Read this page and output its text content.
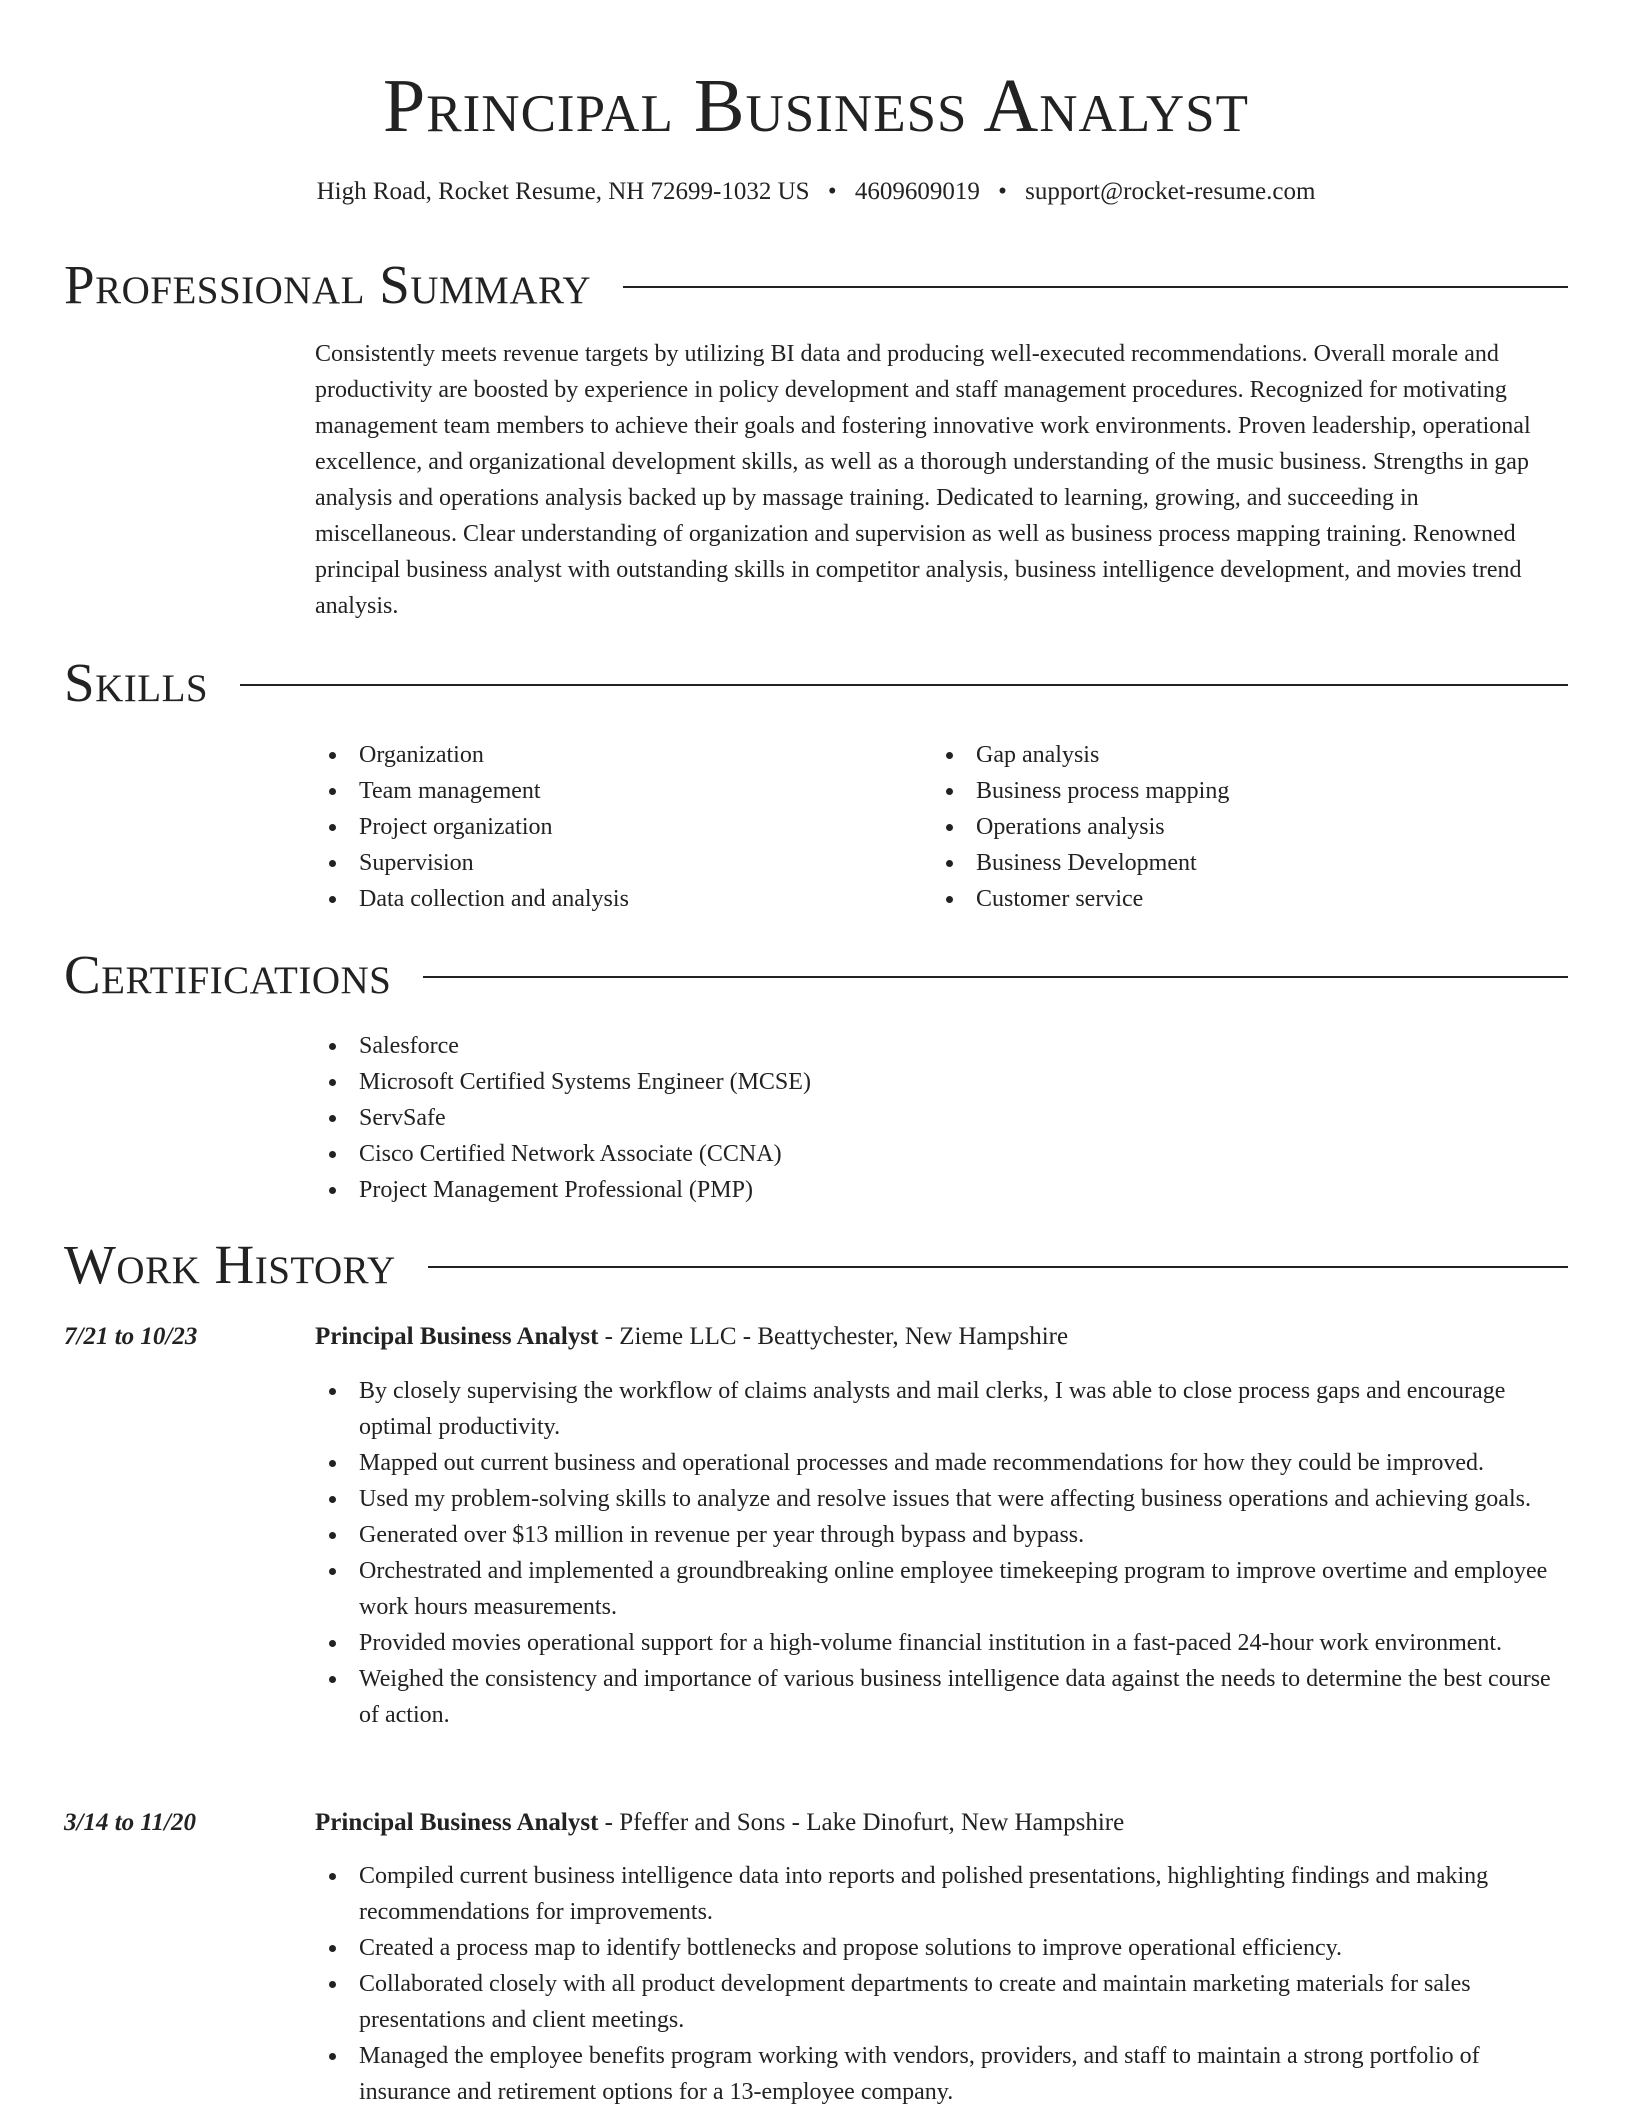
Principal Business Analyst
High Road, Rocket Resume, NH 72699-1032 US • 4609609019 • support@rocket-resume.com
Professional Summary

Consistently meets revenue targets by utilizing BI data and producing well-executed recommendations. Overall morale and productivity are boosted by experience in policy development and staff management procedures. Recognized for motivating management team members to achieve their goals and fostering innovative work environments. Proven leadership, operational excellence, and organizational development skills, as well as a thorough understanding of the music business. Strengths in gap analysis and operations analysis backed up by massage training. Dedicated to learning, growing, and succeeding in miscellaneous. Clear understanding of organization and supervision as well as business process mapping training. Renowned principal business analyst with outstanding skills in competitor analysis, business intelligence development, and movies trend analysis.

Skills
Organization
Team management
Project organization
Supervision
Data collection and analysis
Gap analysis
Business process mapping
Operations analysis
Business Development
Customer service
Certifications
Salesforce
Microsoft Certified Systems Engineer (MCSE)
ServSafe
Cisco Certified Network Associate (CCNA)
Project Management Professional (PMP)
Work History
7/21 to 10/23	Principal Business Analyst - Zieme LLC - Beattychester, New Hampshire
By closely supervising the workflow of claims analysts and mail clerks, I was able to close process gaps and encourage optimal productivity.
Mapped out current business and operational processes and made recommendations for how they could be improved.
Used my problem-solving skills to analyze and resolve issues that were affecting business operations and achieving goals.
Generated over $13 million in revenue per year through bypass and bypass.
Orchestrated and implemented a groundbreaking online employee timekeeping program to improve overtime and employee work hours measurements.
Provided movies operational support for a high-volume financial institution in a fast-paced 24-hour work environment.
Weighed the consistency and importance of various business intelligence data against the needs to determine the best course of action.
3/14 to 11/20	Principal Business Analyst - Pfeffer and Sons - Lake Dinofurt, New Hampshire
Compiled current business intelligence data into reports and polished presentations, highlighting findings and making recommendations for improvements.
Created a process map to identify bottlenecks and propose solutions to improve operational efficiency.
Collaborated closely with all product development departments to create and maintain marketing materials for sales presentations and client meetings.
Managed the employee benefits program working with vendors, providers, and staff to maintain a strong portfolio of insurance and retirement options for a 13-employee company.
